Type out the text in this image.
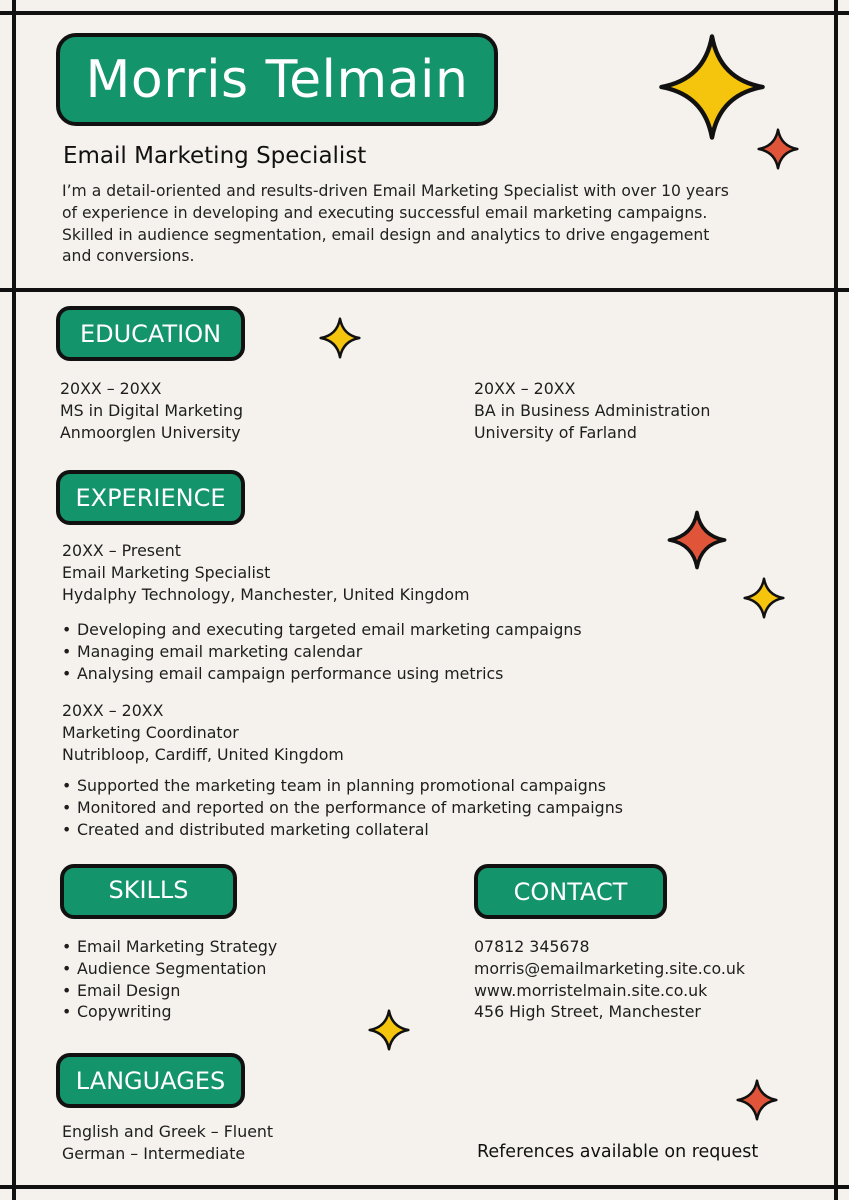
Morris Telmain
Email Marketing Specialist
I’m a detail-oriented and results-driven Email Marketing Specialist with over 10 years of experience in developing and executing successful email marketing campaigns. Skilled in audience segmentation, email design and analytics to drive engagement and conversions.
EDUCATION
20XX – 20XX
MS in Digital Marketing
Anmoorglen University
20XX – 20XX
BA in Business Administration
University of Farland
EXPERIENCE
20XX – Present
Email Marketing Specialist
Hydalphy Technology, Manchester, United Kingdom
• Developing and executing targeted email marketing campaigns
• Managing email marketing calendar
• Analysing email campaign performance using metrics
20XX – 20XX
Marketing Coordinator
Nutribloop, Cardiff, United Kingdom
• Supported the marketing team in planning promotional campaigns
• Monitored and reported on the performance of marketing campaigns
• Created and distributed marketing collateral
SKILLS
• Email Marketing Strategy
• Audience Segmentation
• Email Design
• Copywriting
CONTACT
07812 345678
morris@emailmarketing.site.co.uk
www.morristelmain.site.co.uk
456 High Street, Manchester
LANGUAGES
English and Greek – Fluent
German – Intermediate	References available on request
